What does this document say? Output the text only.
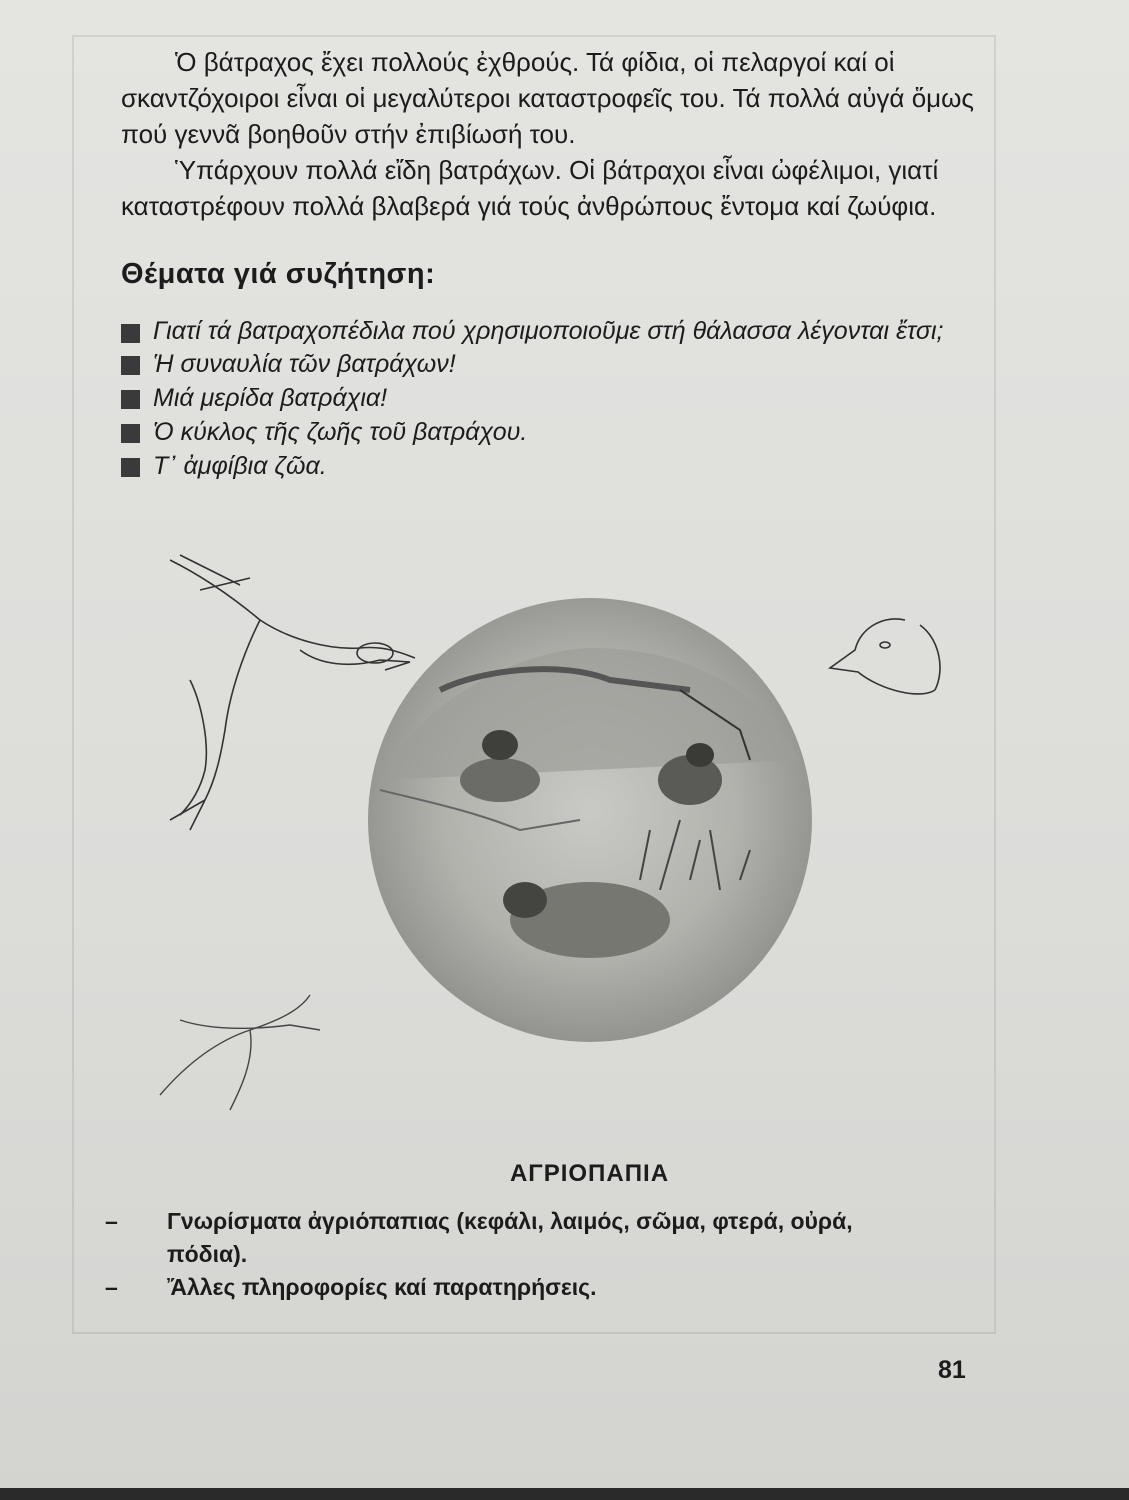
Ὁ βάτραχος ἔχει πολλούς ἐχθρούς. Τά φίδια, οἱ πελαργοί καί οἱ σκαντζόχοιροι εἶναι οἱ μεγαλύτεροι καταστροφεῖς του. Τά πολλά αὐγά ὅμως πού γεννᾶ βοηθοῦν στήν ἐπιβίωσή του.

Ὑπάρχουν πολλά εἴδη βατράχων. Οἱ βάτραχοι εἶναι ὠφέλιμοι, γιατί καταστρέφουν πολλά βλαβερά γιά τούς ἀνθρώπους ἔντομα καί ζωύφια.

Θέματα γιά συζήτηση:
Γιατί τά βατραχοπέδιλα πού χρησιμοποιοῦμε στή θάλασσα λέγονται ἔτσι;
Ἡ συναυλία τῶν βατράχων!
Μιά μερίδα βατράχια!
Ὁ κύκλος τῆς ζωῆς τοῦ βατράχου.
Τ᾽ ἀμφίβια ζῶα.
ΑΓΡΙΟΠΑΠΙΑ
– Γνωρίσματα ἀγριόπαπιας (κεφάλι, λαιμός, σῶμα, φτερά, οὐρά, πόδια).
– Ἄλλες πληροφορίες καί παρατηρήσεις.
81
